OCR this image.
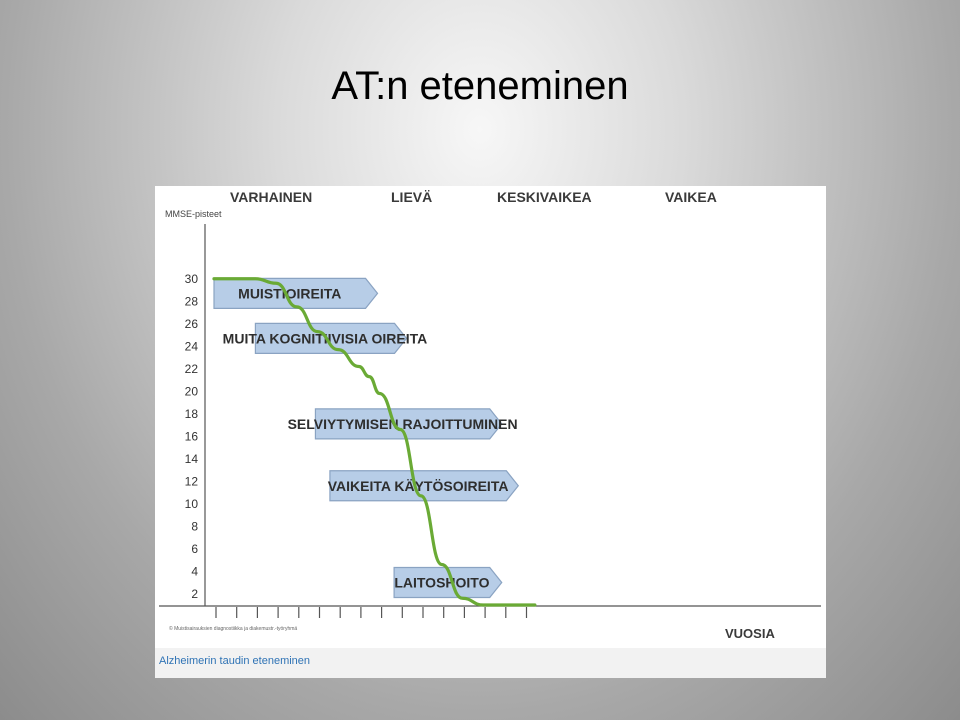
AT:n eteneminen
VARHAINEN	LIEVÄ	KESKIVAIKEA	VAIKEA
MMSE-pisteet
30
28
26
24
22
20
18
16
14
12
10
8
6
4
2
MUISTIOIREITA
MUITA KOGNITIIVISIA OIREITA
SELVIYTYMISEN RAJOITTUMINEN
VAIKEITA KÄYTÖSOIREITA
LAITOSHOITO
VUOSIA
© Muistisairauksien diagnostiikka ja diakemustr.-työryhmä
Alzheimerin taudin eteneminen
